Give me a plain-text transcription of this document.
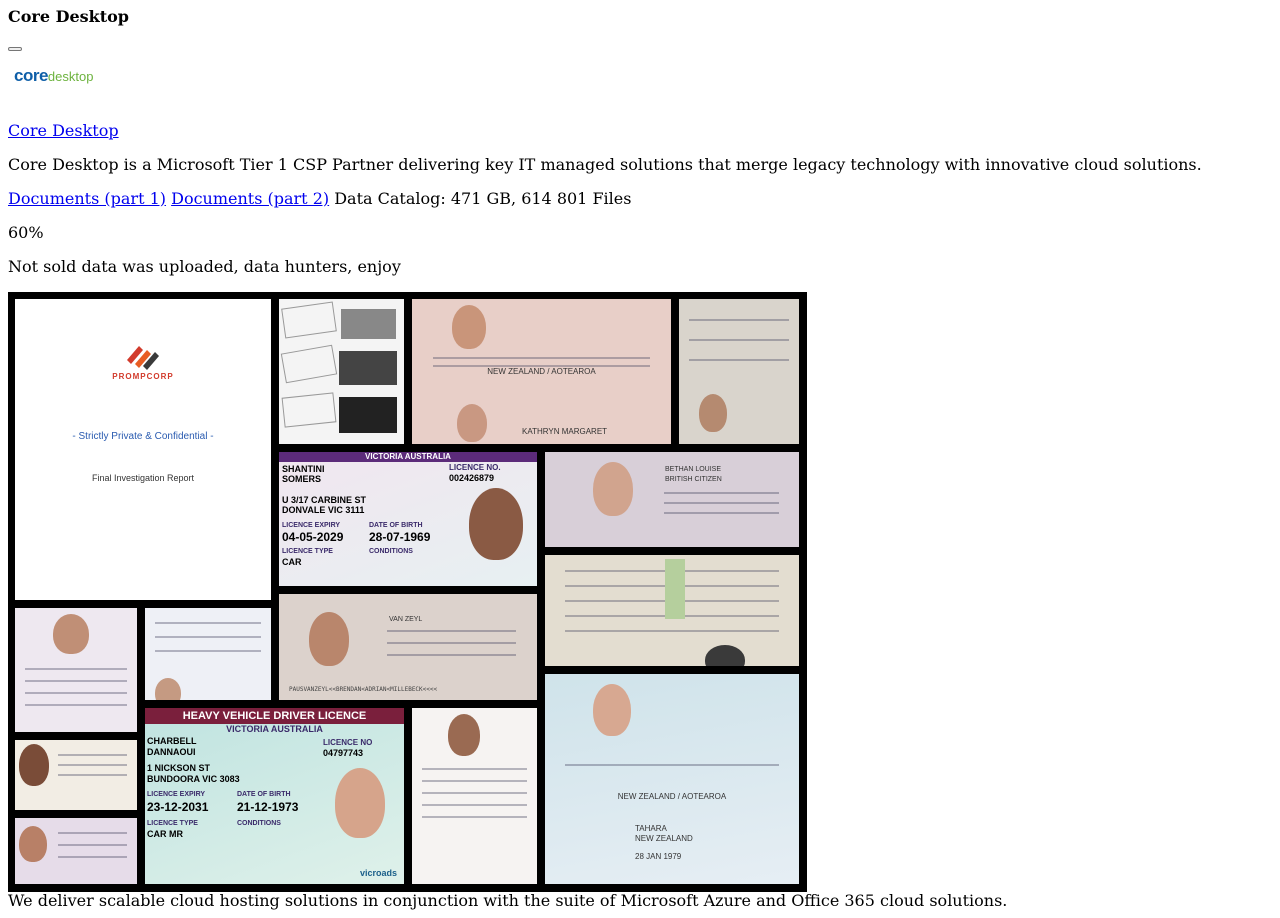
Core Desktop
core desktop
Core Desktop
Core Desktop is a Microsoft Tier 1 CSP Partner delivering key IT managed solutions that merge legacy technology with innovative cloud solutions.
Documents (part 1) Documents (part 2) Data Catalog: 471 GB, 614 801 Files
60%
Not sold data was uploaded, data hunters, enjoy
PROMPCORP
- Strictly Private & Confidential -
Final Investigation Report
NEW ZEALAND / AOTEAROA
KATHRYN MARGARET
VICTORIA AUSTRALIA
SHANTINI
SOMERS
LICENCE NO.
002426879
U 3/17 CARBINE ST
DONVALE VIC 3111
LICENCE EXPIRY
04-05-2029
DATE OF BIRTH
28-07-1969
LICENCE TYPE
CAR
CONDITIONS
BETHAN LOUISE
BRITISH CITIZEN
VAN ZEYL
PAUSVANZEYL<<BRENDAN<ADRIAN<MILLEBECK<<<<
HEAVY VEHICLE DRIVER LICENCE
VICTORIA AUSTRALIA
CHARBELL
DANNAOUI
LICENCE NO
04797743
1 NICKSON ST
BUNDOORA VIC 3083
LICENCE EXPIRY
23-12-2031
DATE OF BIRTH
21-12-1973
LICENCE TYPE
CAR MR
CONDITIONS
vicroads
NEW ZEALAND / AOTEAROA
TAHARA
NEW ZEALAND
28 JAN 1979
We deliver scalable cloud hosting solutions in conjunction with the suite of Microsoft Azure and Office 365 cloud solutions.
